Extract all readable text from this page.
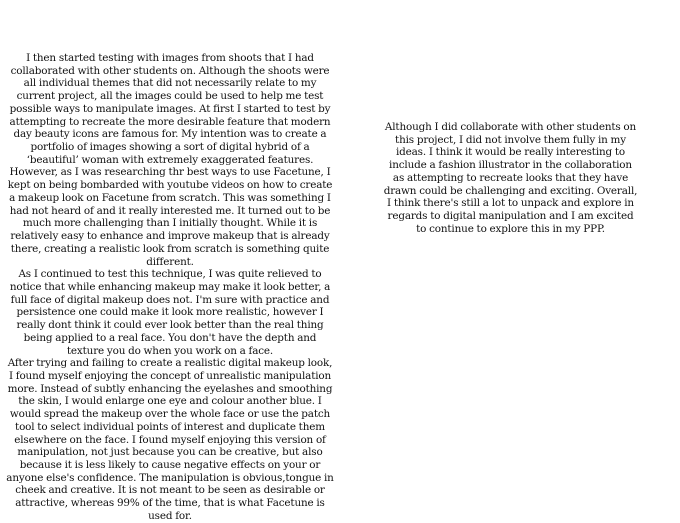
I then started testing with images from shoots that I had collaborated with other students on. Although the shoots were all individual themes that did not necessarily relate to my current project, all the images could be used to help me test possible ways to manipulate images. At first I started to test by attempting to recreate the more desirable feature that modern day beauty icons are famous for. My intention was to create a portfolio of images showing a sort of digital hybrid of a ‘beautiful’ woman with extremely exaggerated features. However, as I was researching thr best ways to use Facetune, I kept on being bombarded with youtube videos on how to create a makeup look on Facetune from scratch. This was something I had not heard of and it really interested me. It turned out to be much more challenging than I initially thought. While it is relatively easy to enhance and improve makeup that is already there, creating a realistic look from scratch is something quite different.

As I continued to test this technique, I was quite relieved to notice that while enhancing makeup may make it look better, a full face of digital makeup does not. I'm sure with practice and persistence one could make it look more realistic, however I really dont think it could ever look better than the real thing being applied to a real face. You don't have the depth and texture you do when you work on a face.

After trying and failing to create a realistic digital makeup look, I found myself enjoying the concept of unrealistic manipulation more. Instead of subtly enhancing the eyelashes and smoothing the skin, I would enlarge one eye and colour another blue. I would spread the makeup over the whole face or use the patch tool to select individual points of interest and duplicate them elsewhere on the face. I found myself enjoying this version of manipulation, not just because you can be creative, but also because it is less likely to cause negative effects on your or anyone else's confidence. The manipulation is obvious,tongue in cheek and creative. It is not meant to be seen as desirable or attractive, whereas 99% of the time, that is what Facetune is used for.

Although I did collaborate with other students on this project, I did not involve them fully in my ideas. I think it would be really interesting to include a fashion illustrator in the collaboration as attempting to recreate looks that they have drawn could be challenging and exciting. Overall, I think there's still a lot to unpack and explore in regards to digital manipulation and I am excited to continue to explore this in my PPP.
